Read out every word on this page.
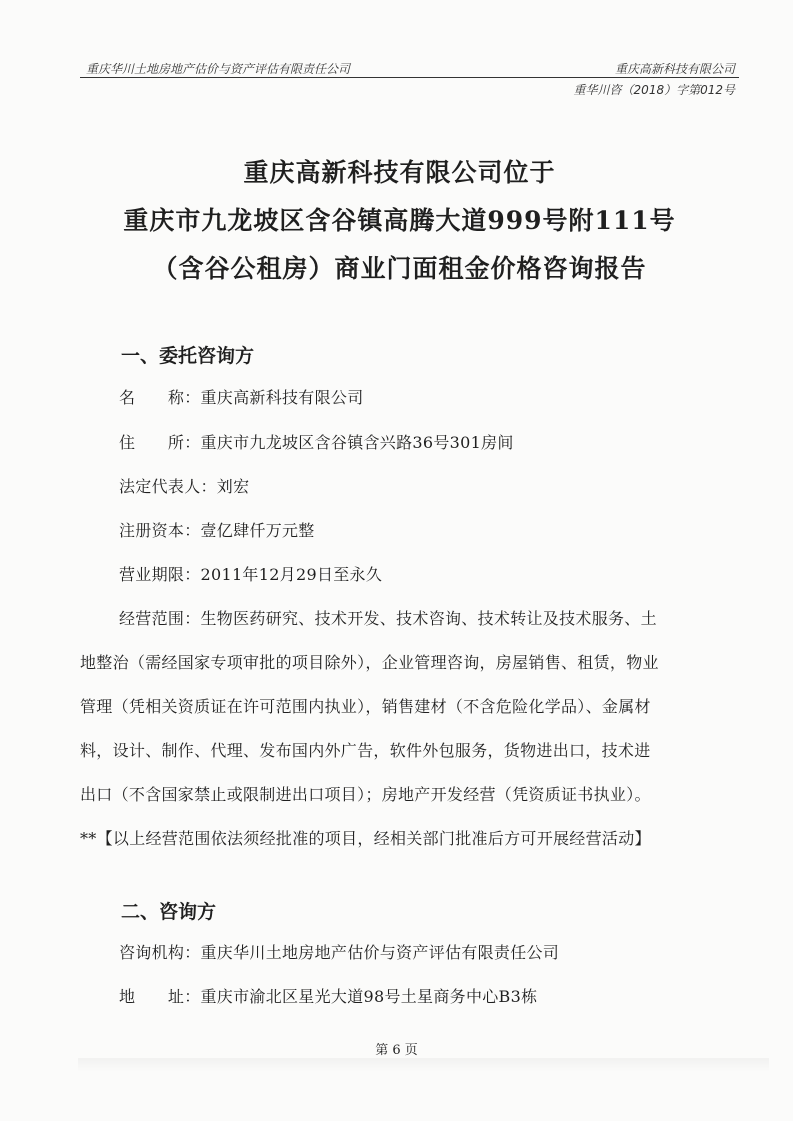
重庆华川土地房地产估价与资产评估有限责任公司	重庆高新科技有限公司
重华川咨（2018）字第012号
重庆高新科技有限公司位于
重庆市九龙坡区含谷镇高腾大道999号附111号
（含谷公租房）商业门面租金价格咨询报告
一、委托咨询方
名　　称：重庆高新科技有限公司
住　　所：重庆市九龙坡区含谷镇含兴路36号301房间
法定代表人：刘宏
注册资本：壹亿肆仟万元整
营业期限：2011年12月29日至永久
经营范围：生物医药研究、技术开发、技术咨询、技术转让及技术服务、土
地整治（需经国家专项审批的项目除外），企业管理咨询，房屋销售、租赁，物业
管理（凭相关资质证在许可范围内执业），销售建材（不含危险化学品）、金属材
料，设计、制作、代理、发布国内外广告，软件外包服务，货物进出口，技术进
出口（不含国家禁止或限制进出口项目）；房地产开发经营（凭资质证书执业）。
**【以上经营范围依法须经批准的项目，经相关部门批准后方可开展经营活动】
二、咨询方
咨询机构：重庆华川土地房地产估价与资产评估有限责任公司
地　　址：重庆市渝北区星光大道98号土星商务中心B3栋
第 6 页
